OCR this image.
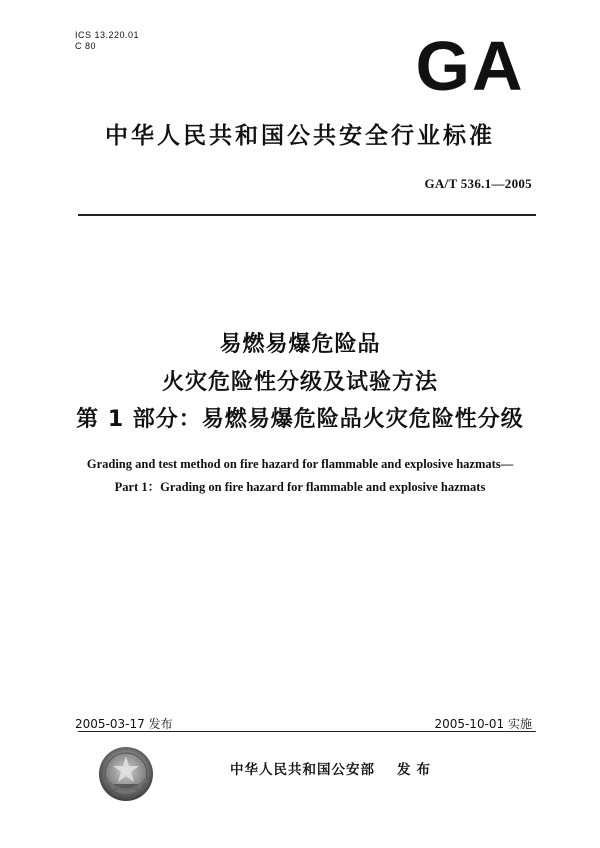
ICS 13.220.01
C 80	GA
中华人民共和国公共安全行业标准
GA/T 536.1—2005
易燃易爆危险品
火灾危险性分级及试验方法
第 1 部分：易燃易爆危险品火灾危险性分级
Grading and test method on fire hazard for flammable and explosive hazmats—
Part 1：Grading on fire hazard for flammable and explosive hazmats
2005-03-17 发布	2005-10-01 实施
中华人民共和国公安部 发布
